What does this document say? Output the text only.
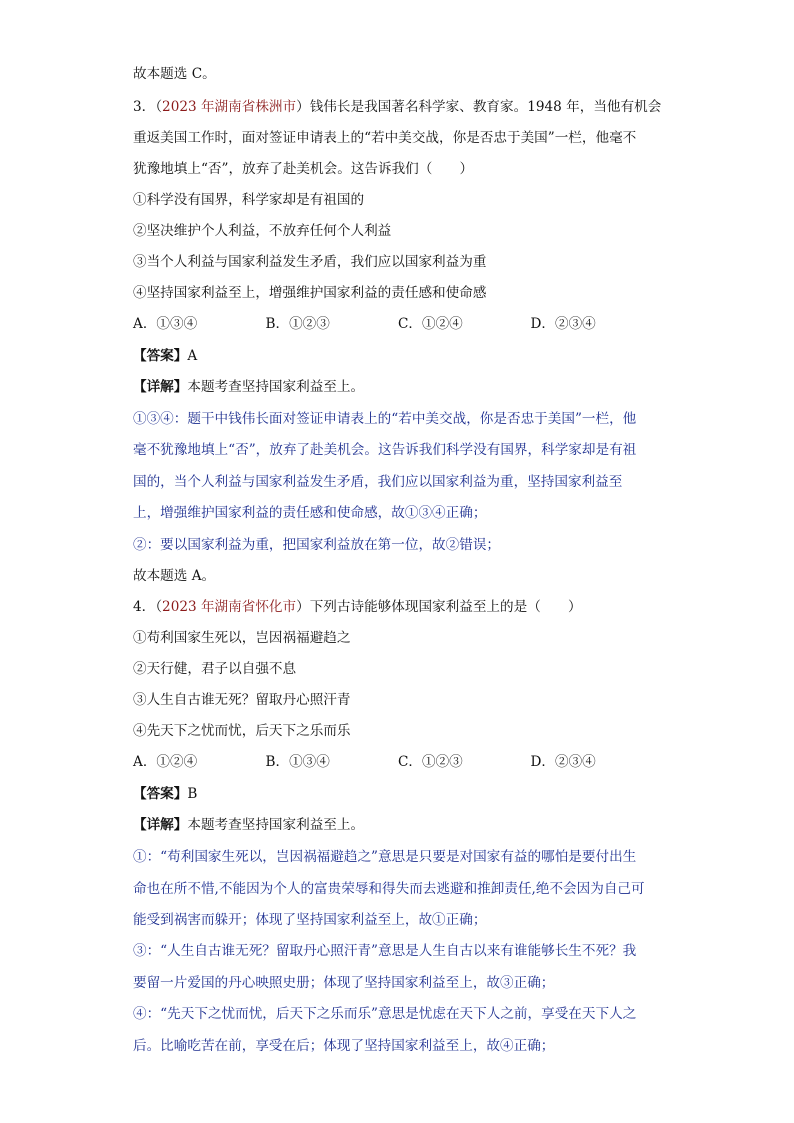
故本题选 C。
3．（2023 年湖南省株洲市）钱伟长是我国著名科学家、教育家。1948 年，当他有机会
重返美国工作时，面对签证申请表上的“若中美交战，你是否忠于美国”一栏，他毫不
犹豫地填上“否”，放弃了赴美机会。这告诉我们（　　）
①科学没有国界，科学家却是有祖国的
②坚决维护个人利益，不放弃任何个人利益
③当个人利益与国家利益发生矛盾，我们应以国家利益为重
④坚持国家利益至上，增强维护国家利益的责任感和使命感
A．①③④	B．①②③	C．①②④	D．②③④
【答案】A
【详解】本题考查坚持国家利益至上。
①③④：题干中钱伟长面对签证申请表上的“若中美交战，你是否忠于美国”一栏，他
毫不犹豫地填上“否”，放弃了赴美机会。这告诉我们科学没有国界，科学家却是有祖
国的，当个人利益与国家利益发生矛盾，我们应以国家利益为重，坚持国家利益至
上，增强维护国家利益的责任感和使命感，故①③④正确；
②：要以国家利益为重，把国家利益放在第一位，故②错误；
故本题选 A。
4．（2023 年湖南省怀化市）下列古诗能够体现国家利益至上的是（　　）
①苟利国家生死以，岂因祸福避趋之
②天行健，君子以自强不息
③人生自古谁无死？留取丹心照汗青
④先天下之忧而忧，后天下之乐而乐
A．①②④	B．①③④	C．①②③	D．②③④
【答案】B
【详解】本题考查坚持国家利益至上。
①：“苟利国家生死以，岂因祸福避趋之”意思是只要是对国家有益的哪怕是要付出生
命也在所不惜,不能因为个人的富贵荣辱和得失而去逃避和推卸责任,绝不会因为自己可
能受到祸害而躲开；体现了坚持国家利益至上，故①正确；
③：“人生自古谁无死？留取丹心照汗青”意思是人生自古以来有谁能够长生不死？我
要留一片爱国的丹心映照史册；体现了坚持国家利益至上，故③正确；
④：“先天下之忧而忧，后天下之乐而乐”意思是忧虑在天下人之前，享受在天下人之
后。比喻吃苦在前，享受在后；体现了坚持国家利益至上，故④正确；
